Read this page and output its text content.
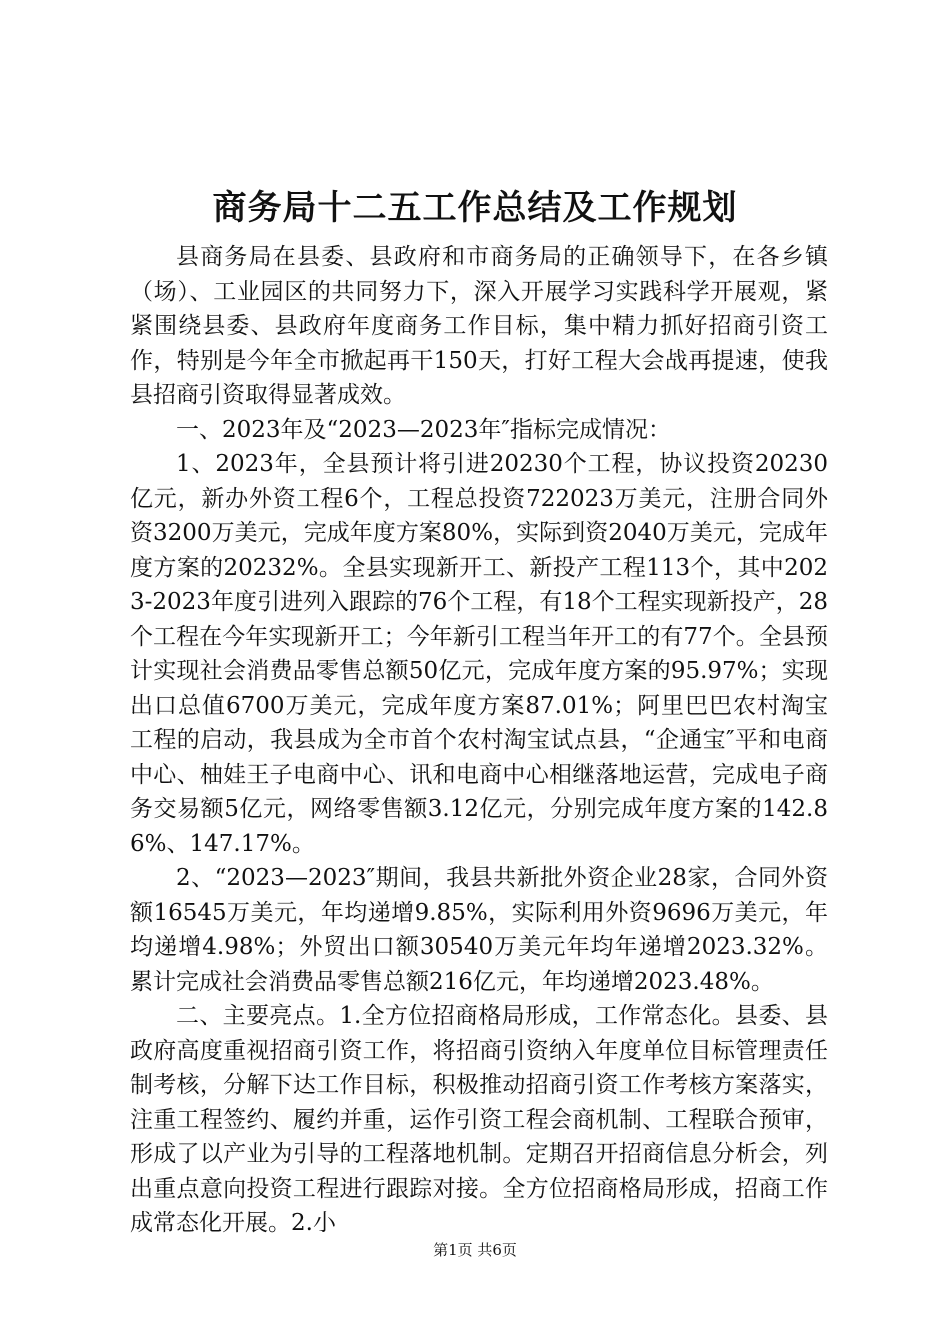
商务局十二五工作总结及工作规划

县商务局在县委、县政府和市商务局的正确领导下，在各乡镇（场）、工业园区的共同努力下，深入开展学习实践科学开展观，紧紧围绕县委、县政府年度商务工作目标，集中精力抓好招商引资工作，特别是今年全市掀起再干150天，打好工程大会战再提速，使我县招商引资取得显著成效。

一、2023年及“2023—2023年″指标完成情况：

1、2023年，全县预计将引进20230个工程，协议投资20230亿元，新办外资工程6个，工程总投资722023万美元，注册合同外资3200万美元，完成年度方案80%，实际到资2040万美元，完成年度方案的20232%。全县实现新开工、新投产工程113个，其中2023-2023年度引进列入跟踪的76个工程，有18个工程实现新投产，28个工程在今年实现新开工；今年新引工程当年开工的有77个。全县预计实现社会消费品零售总额50亿元，完成年度方案的95.97%；实现出口总值6700万美元，完成年度方案87.01%；阿里巴巴农村淘宝工程的启动，我县成为全市首个农村淘宝试点县，“企通宝″平和电商中心、柚娃王子电商中心、讯和电商中心相继落地运营，完成电子商务交易额5亿元，网络零售额3.12亿元，分别完成年度方案的142.86%、147.17%。

2、“2023—2023″期间，我县共新批外资企业28家，合同外资额16545万美元，年均递增9.85%，实际利用外资9696万美元，年均递增4.98%；外贸出口额30540万美元年均年递增2023.32%。累计完成社会消费品零售总额216亿元，年均递增2023.48%。

二、主要亮点。1.全方位招商格局形成，工作常态化。县委、县政府高度重视招商引资工作，将招商引资纳入年度单位目标管理责任制考核，分解下达工作目标，积极推动招商引资工作考核方案落实，注重工程签约、履约并重，运作引资工程会商机制、工程联合预审，形成了以产业为引导的工程落地机制。定期召开招商信息分析会，列出重点意向投资工程进行跟踪对接。全方位招商格局形成，招商工作成常态化开展。2.小

第1页 共6页
